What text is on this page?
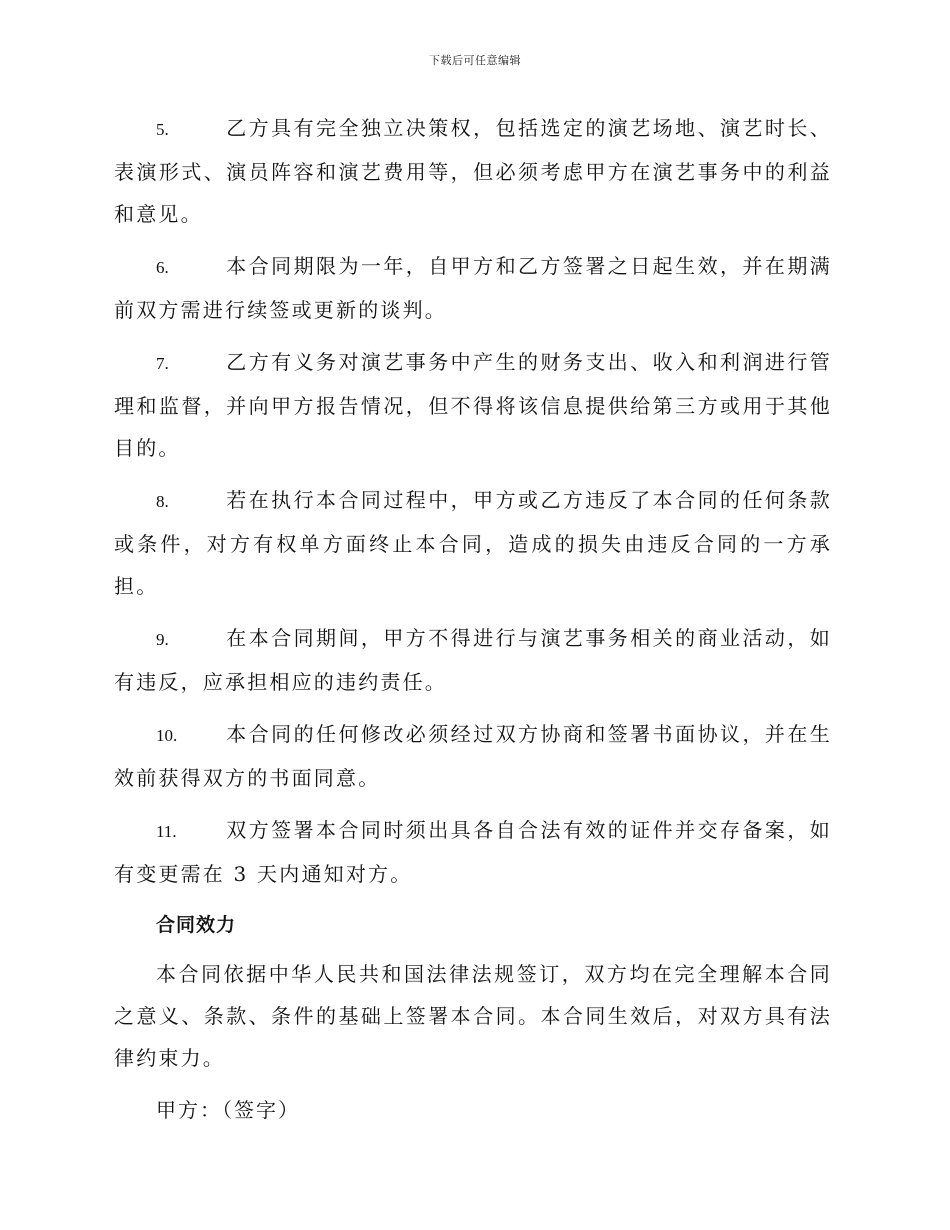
下载后可任意编辑
5.	乙方具有完全独立决策权，包括选定的演艺场地、演艺时长、表演形式、演员阵容和演艺费用等，但必须考虑甲方在演艺事务中的利益和意见。
6.	本合同期限为一年，自甲方和乙方签署之日起生效，并在期满前双方需进行续签或更新的谈判。
7.	乙方有义务对演艺事务中产生的财务支出、收入和利润进行管理和监督，并向甲方报告情况，但不得将该信息提供给第三方或用于其他目的。
8.	若在执行本合同过程中，甲方或乙方违反了本合同的任何条款或条件，对方有权单方面终止本合同，造成的损失由违反合同的一方承担。
9.	在本合同期间，甲方不得进行与演艺事务相关的商业活动，如有违反，应承担相应的违约责任。
10. 本合同的任何修改必须经过双方协商和签署书面协议，并在生效前获得双方的书面同意。
11. 双方签署本合同时须出具各自合法有效的证件并交存备案，如有变更需在 3 天内通知对方。
合同效力
本合同依据中华人民共和国法律法规签订，双方均在完全理解本合同之意义、条款、条件的基础上签署本合同。本合同生效后，对双方具有法律约束力。
甲方：（签字）
